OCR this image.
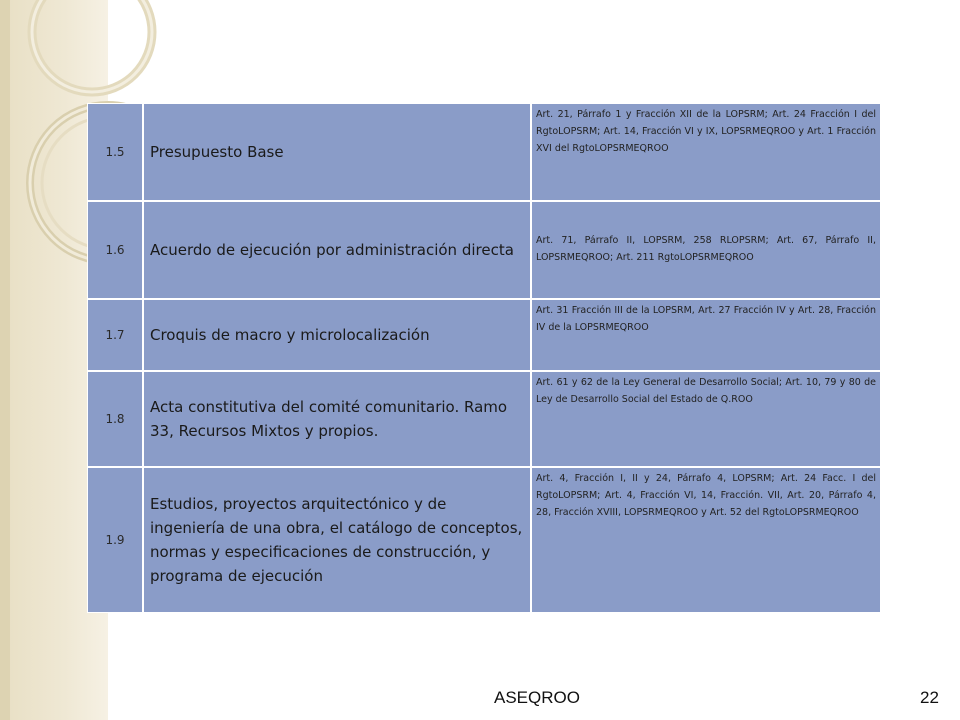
1.5	Presupuesto Base	Art. 21, Párrafo 1 y Fracción XII de la LOPSRM; Art. 24 Fracción I del RgtoLOPSRM; Art. 14, Fracción VI y IX, LOPSRMEQROO y Art. 1 Fracción XVI del RgtoLOPSRMEQROO
1.6	Acuerdo de ejecución por administración directa	Art. 71, Párrafo II, LOPSRM, 258 RLOPSRM; Art. 67, Párrafo II, LOPSRMEQROO; Art. 211 RgtoLOPSRMEQROO
1.7	Croquis de macro y microlocalización	Art. 31 Fracción III de la LOPSRM, Art. 27 Fracción IV y Art. 28, Fracción IV de la LOPSRMEQROO
1.8	Acta constitutiva del comité comunitario. Ramo 33, Recursos Mixtos y propios.	Art. 61 y 62 de la Ley General de Desarrollo Social; Art. 10, 79 y 80 de Ley de Desarrollo Social del Estado de Q.ROO
1.9	Estudios, proyectos arquitectónico y de ingeniería de una obra, el catálogo de conceptos, normas y especificaciones de construcción, y programa de ejecución	Art. 4, Fracción I, II y 24, Párrafo 4, LOPSRM; Art. 24 Facc. I del RgtoLOPSRM; Art. 4, Fracción VI, 14, Fracción. VII, Art. 20, Párrafo 4, 28, Fracción XVIII, LOPSRMEQROO y Art. 52 del RgtoLOPSRMEQROO
ASEQROO	22
